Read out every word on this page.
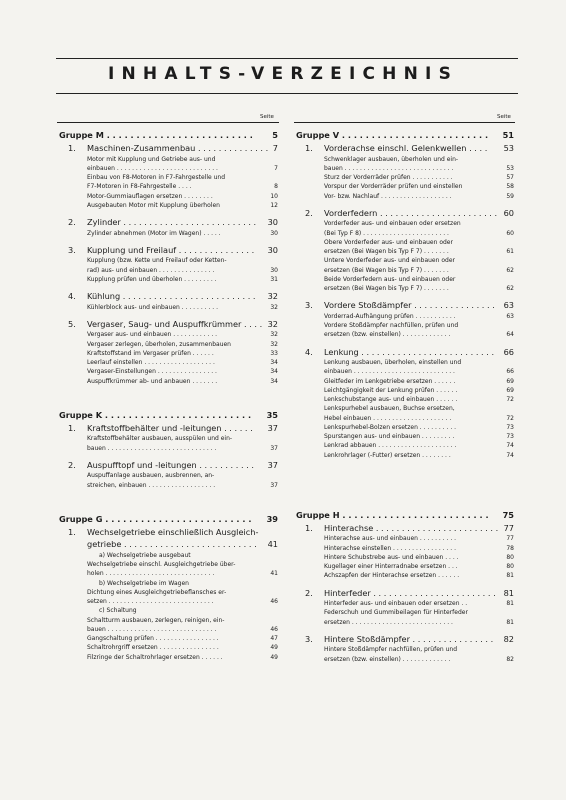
INHALTS-VERZEICHNIS
Seite	Seite
Gruppe M . . . . . . . . . . . . . . . . . . . . . . . . . 5
1. Maschinen-Zusammenbau . . . . . . . . . . . . . . 7
Motor mit Kupplung und Getriebe aus- und
einbauen . . . . . . . . . . . . . . . . . . . . . . . . . . .	7
Einbau von F8-Motoren in F7-Fahrgestelle und
F7-Motoren in F8-Fahrgestelle . . . .	8
Motor-Gummiauflagen ersetzen . . . . . . . .	10
Ausgebauten Motor mit Kupplung überholen	12
2. Zylinder . . . . . . . . . . . . . . . . . . . . . . . . . . 30
Zylinder abnehmen (Motor im Wagen) . . . . .	30
3. Kupplung und Freilauf . . . . . . . . . . . . . . . 30
Kupplung (bzw. Kette und Freilauf oder Ketten-
rad) aus- und einbauen . . . . . . . . . . . . . . .	30
Kupplung prüfen und überholen . . . . . . . . .	31
4. Kühlung . . . . . . . . . . . . . . . . . . . . . . . . . . 32
Kühlerblock aus- und einbauen . . . . . . . . . .	32
5. Vergaser, Saug- und Auspuffkrümmer . . . . 32
Vergaser aus- und einbauen . . . . . . . . . . . .	32
Vergaser zerlegen, überholen, zusammenbauen	32
Kraftstoffstand im Vergaser prüfen . . . . . .	33
Leerlauf einstellen . . . . . . . . . . . . . . . . . . .	34
Vergaser-Einstellungen . . . . . . . . . . . . . . . .	34
Auspuffkrümmer ab- und anbauen . . . . . . .	34
Gruppe K . . . . . . . . . . . . . . . . . . . . . . . . . 35
1. Kraftstoffbehälter und -leitungen . . . . . . 37
Kraftstoffbehälter ausbauen, ausspülen und ein-
bauen . . . . . . . . . . . . . . . . . . . . . . . . . . . . .	37
2. Auspufftopf und -leitungen . . . . . . . . . . . 37
Auspuffanlage ausbauen, ausbrennen, an-
streichen, einbauen . . . . . . . . . . . . . . . . . .	37
Gruppe G . . . . . . . . . . . . . . . . . . . . . . . . . 39
1. Wechselgetriebe einschließlich Ausgleich-
getriebe . . . . . . . . . . . . . . . . . . . . . . . . . . 41
a) Wechselgetriebe ausgebaut
Wechselgetriebe einschl. Ausgleichgetriebe über-
holen . . . . . . . . . . . . . . . . . . . . . . . . . . . . .	41
b) Wechselgetriebe im Wagen
Dichtung eines Ausgleichgetriebeflansches er-
setzen . . . . . . . . . . . . . . . . . . . . . . . . . . . .	46
c) Schaltung
Schaltturm ausbauen, zerlegen, reinigen, ein-
bauen . . . . . . . . . . . . . . . . . . . . . . . . . . . . .	46
Gangschaltung prüfen . . . . . . . . . . . . . . . . .	47
Schaltrohrgriff ersetzen . . . . . . . . . . . . . . . .	49
Filzringe der Schaltrohrlager ersetzen . . . . . .	49
Gruppe V . . . . . . . . . . . . . . . . . . . . . . . . . 51
1. Vorderachse einschl. Gelenkwellen . . . . 53
Schwenklager ausbauen, überholen und ein-
bauen . . . . . . . . . . . . . . . . . . . . . . . . . . . . .	53
Sturz der Vorderräder prüfen . . . . . . . . . . .	57
Vorspur der Vorderräder prüfen und einstellen	58
Vor- bzw. Nachlauf . . . . . . . . . . . . . . . . . . .	59
2. Vorderfedern . . . . . . . . . . . . . . . . . . . . . . . 60
Vorderfeder aus- und einbauen oder ersetzen
(Bei Typ F 8) . . . . . . . . . . . . . . . . . . . . . . .	60
Obere Vorderfeder aus- und einbauen oder
ersetzen (Bei Wagen bis Typ F 7) . . . . . . .	61
Untere Vorderfeder aus- und einbauen oder
ersetzen (Bei Wagen bis Typ F 7) . . . . . . .	62
Beide Vorderfedern aus- und einbauen oder
ersetzen (Bei Wagen bis Typ F 7) . . . . . . .	62
3. Vordere Stoßdämpfer . . . . . . . . . . . . . . . . 63
Vorderrad-Aufhängung prüfen . . . . . . . . . . .	63
Vordere Stoßdämpfer nachfüllen, prüfen und
ersetzen (bzw. einstellen) . . . . . . . . . . . . .	64
4. Lenkung . . . . . . . . . . . . . . . . . . . . . . . . . . 66
Lenkung ausbauen, überholen, einstellen und
einbauen . . . . . . . . . . . . . . . . . . . . . . . . . . .	66
Gleitfeder im Lenkgetriebe ersetzen . . . . . .	69
Leichtgängigkeit der Lenkung prüfen . . . . . .	69
Lenkschubstange aus- und einbauen . . . . . .	72
Lenkspurhebel ausbauen, Buchse ersetzen,
Hebel einbauen . . . . . . . . . . . . . . . . . . . . .	72
Lenkspurhebel-Bolzen ersetzen . . . . . . . . . .	73
Spurstangen aus- und einbauen . . . . . . . . .	73
Lenkrad abbauen . . . . . . . . . . . . . . . . . . . . .	74
Lenkrohrlager (-Futter) ersetzen . . . . . . . .	74
Gruppe H . . . . . . . . . . . . . . . . . . . . . . . . . 75
1. Hinterachse . . . . . . . . . . . . . . . . . . . . . . . . 77
Hinterachse aus- und einbauen . . . . . . . . . .	77
Hinterachse einstellen . . . . . . . . . . . . . . . . .	78
Hintere Schubstrebe aus- und einbauen . . . .	80
Kugellager einer Hinterradnabe ersetzen . . .	80
Achszapfen der Hinterachse ersetzen . . . . . .	81
2. Hinterfeder . . . . . . . . . . . . . . . . . . . . . . . . 81
Hinterfeder aus- und einbauen oder ersetzen . .	81
Federschuh und Gummibeilagen für Hinterfeder
ersetzen . . . . . . . . . . . . . . . . . . . . . . . . . . .	81
3. Hintere Stoßdämpfer . . . . . . . . . . . . . . . . 82
Hintere Stoßdämpfer nachfüllen, prüfen und
ersetzen (bzw. einstellen) . . . . . . . . . . . . .	82
